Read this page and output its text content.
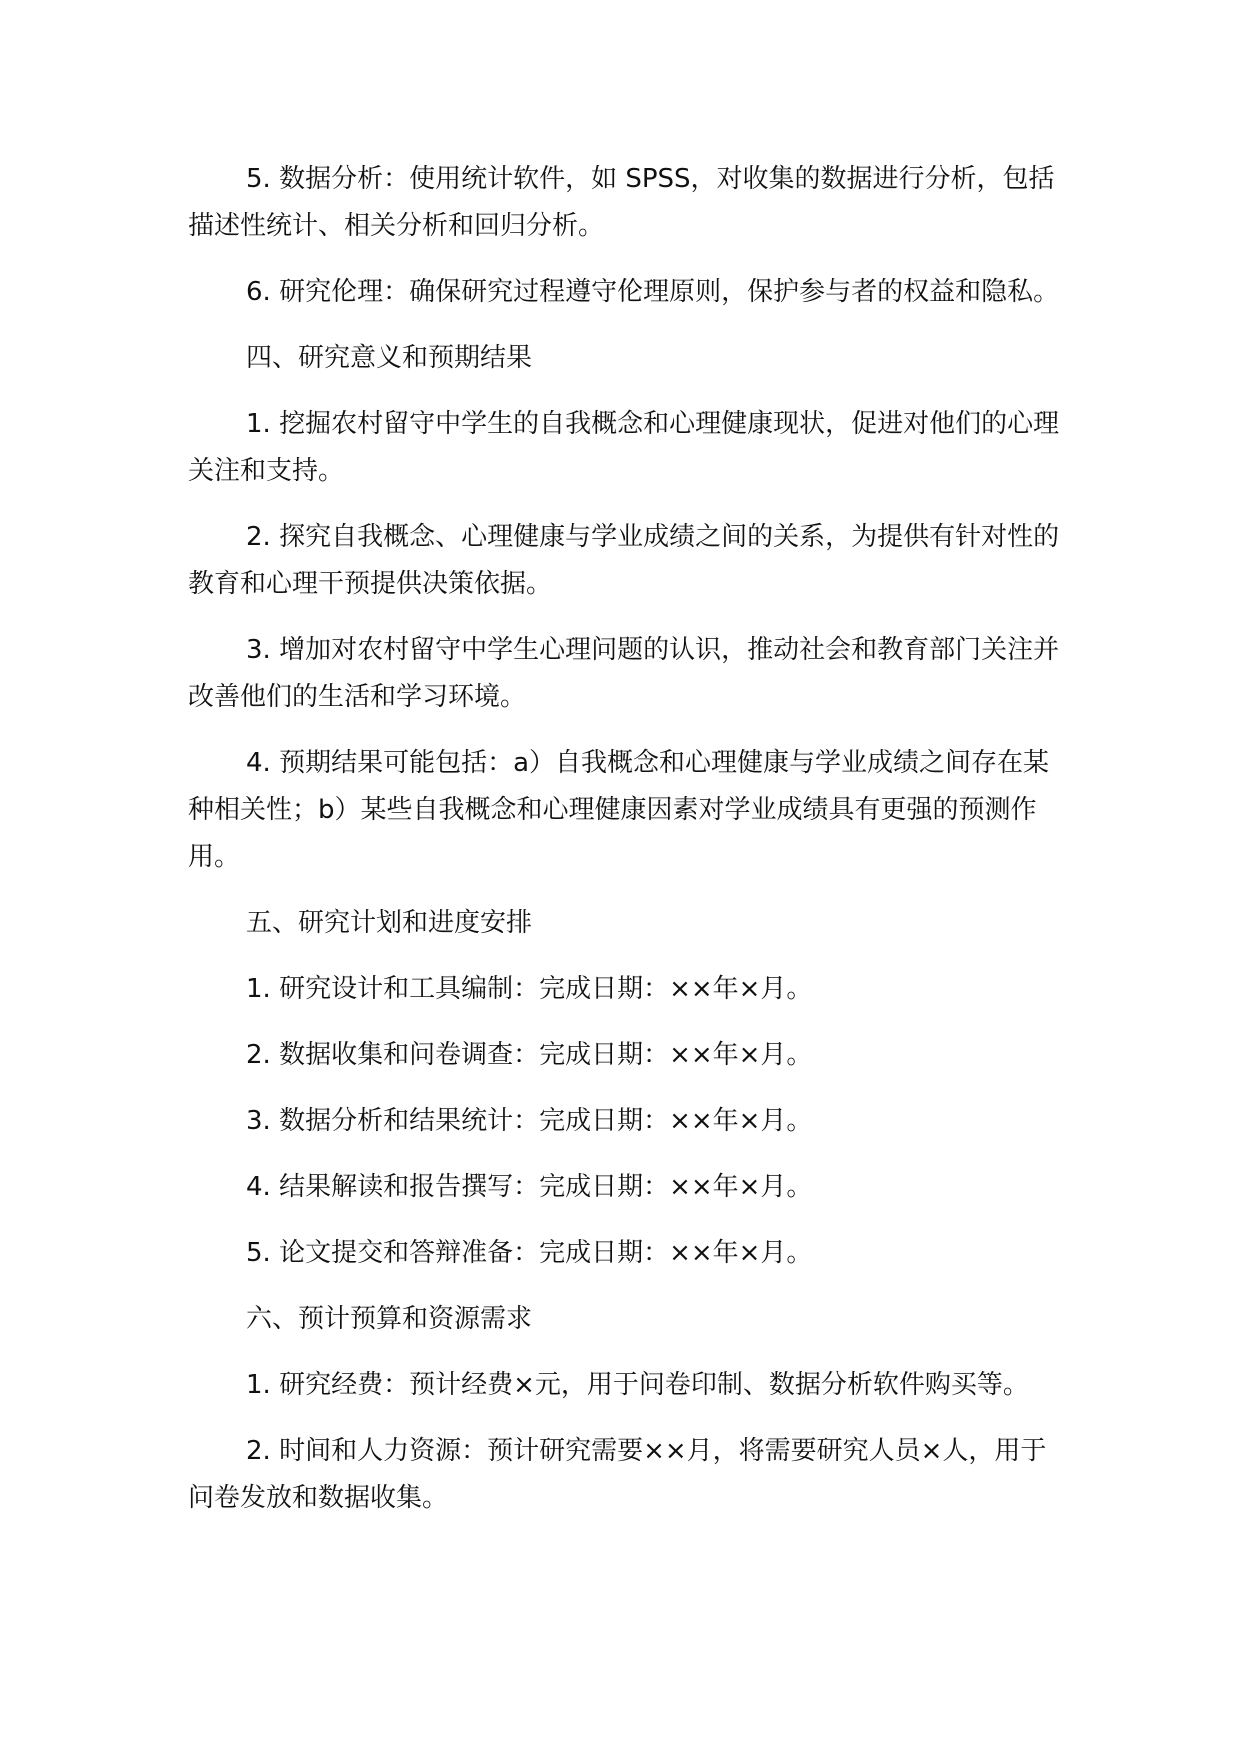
5. 数据分析：使用统计软件，如 SPSS，对收集的数据进行分析，包括描述性统计、相关分析和回归分析。

6. 研究伦理：确保研究过程遵守伦理原则，保护参与者的权益和隐私。

四、研究意义和预期结果

1. 挖掘农村留守中学生的自我概念和心理健康现状，促进对他们的心理关注和支持。

2. 探究自我概念、心理健康与学业成绩之间的关系，为提供有针对性的教育和心理干预提供决策依据。

3. 增加对农村留守中学生心理问题的认识，推动社会和教育部门关注并改善他们的生活和学习环境。

4. 预期结果可能包括：a）自我概念和心理健康与学业成绩之间存在某种相关性；b）某些自我概念和心理健康因素对学业成绩具有更强的预测作用。

五、研究计划和进度安排

1. 研究设计和工具编制：完成日期：××年×月。

2. 数据收集和问卷调查：完成日期：××年×月。

3. 数据分析和结果统计：完成日期：××年×月。

4. 结果解读和报告撰写：完成日期：××年×月。

5. 论文提交和答辩准备：完成日期：××年×月。

六、预计预算和资源需求

1. 研究经费：预计经费×元，用于问卷印制、数据分析软件购买等。

2. 时间和人力资源：预计研究需要××月，将需要研究人员×人，用于问卷发放和数据收集。
